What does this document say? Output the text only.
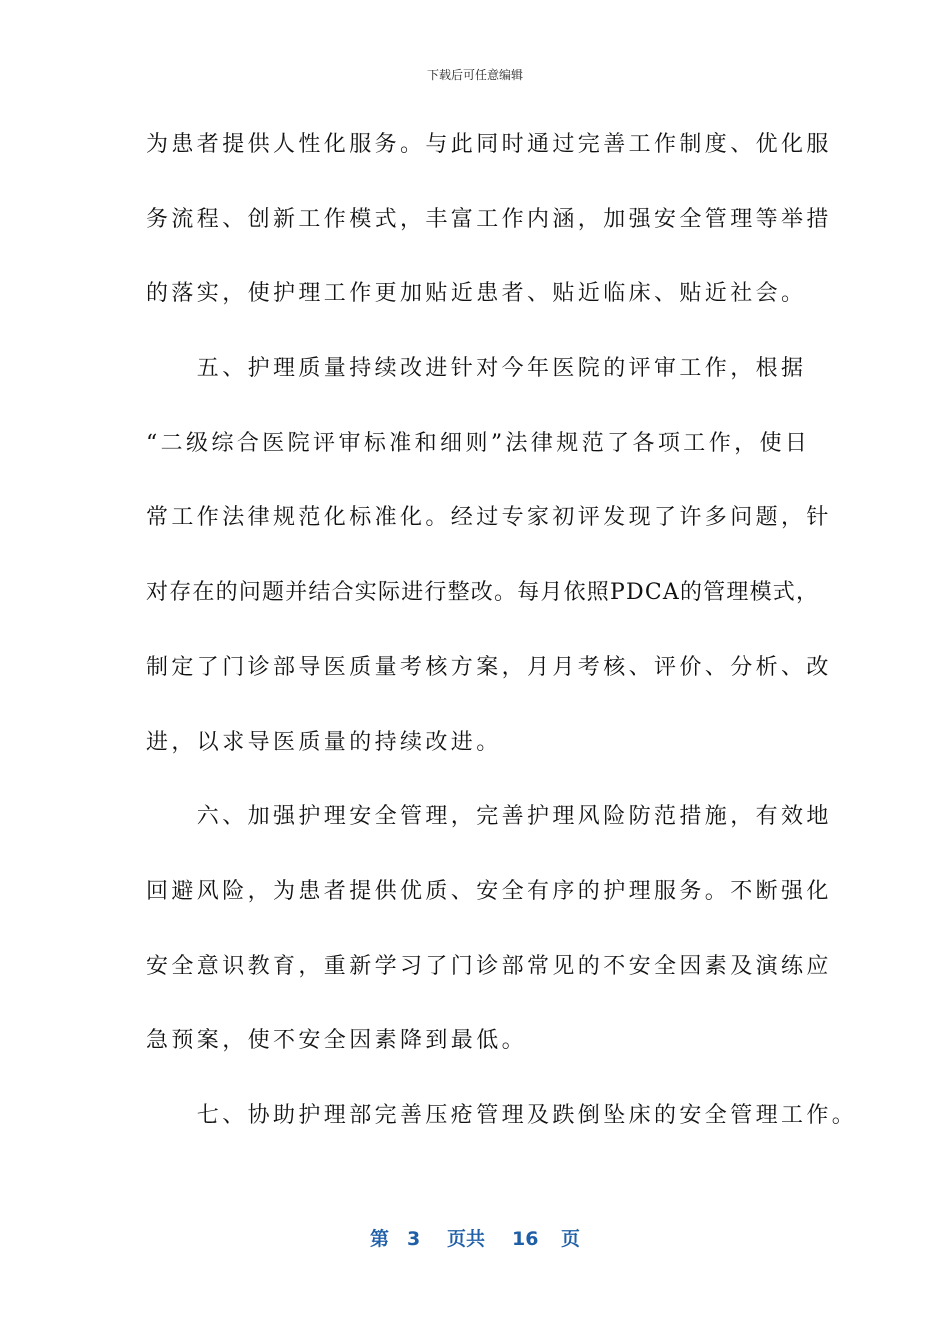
下载后可任意编辑
为患者提供人性化服务。与此同时通过完善工作制度、优化服
务流程、创新工作模式，丰富工作内涵，加强安全管理等举措
的落实，使护理工作更加贴近患者、贴近临床、贴近社会。
　　五、护理质量持续改进针对今年医院的评审工作，根据
“二级综合医院评审标准和细则”法律规范了各项工作，使日
常工作法律规范化标准化。经过专家初评发现了许多问题，针
对存在的问题并结合实际进行整改。每月依照PDCA的管理模式，
制定了门诊部导医质量考核方案，月月考核、评价、分析、改
进，以求导医质量的持续改进。
　　六、加强护理安全管理，完善护理风险防范措施，有效地
回避风险，为患者提供优质、安全有序的护理服务。不断强化
安全意识教育，重新学习了门诊部常见的不安全因素及演练应
急预案，使不安全因素降到最低。
　　七、协助护理部完善压疮管理及跌倒坠床的安全管理工作。
第 3 页共 16 页
